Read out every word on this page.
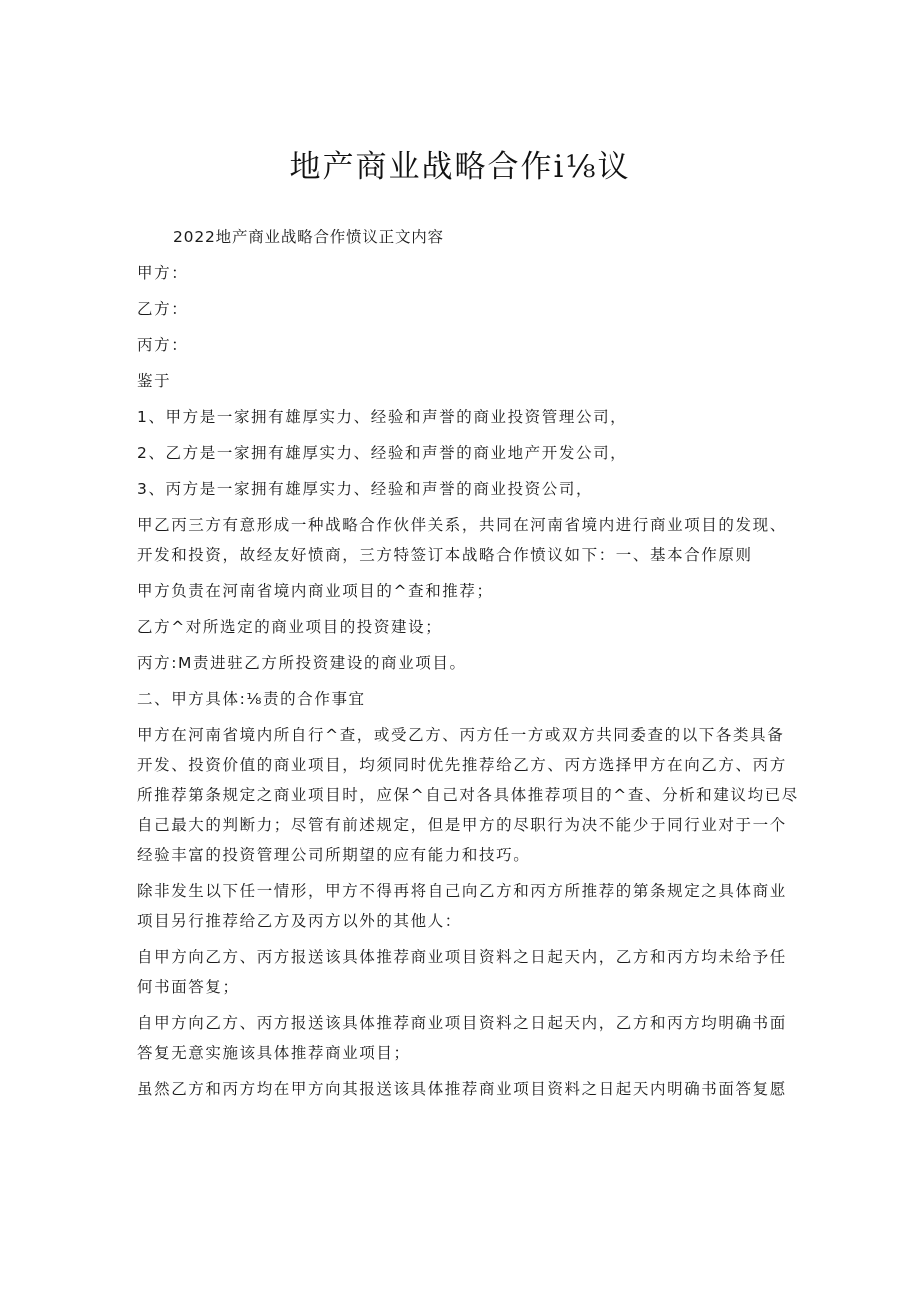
地产商业战略合作i⅛议
2022地产商业战略合作愤议正文内容
甲方：
乙方：
丙方：
鉴于
1、甲方是一家拥有雄厚实力、经验和声誉的商业投资管理公司，
2、乙方是一家拥有雄厚实力、经验和声誉的商业地产开发公司，
3、丙方是一家拥有雄厚实力、经验和声誉的商业投资公司，
甲乙丙三方有意形成一种战略合作伙伴关系，共同在河南省境内进行商业项目的发现、
开发和投资，故经友好愤商，三方特签订本战略合作愤议如下：一、基本合作原则
甲方负责在河南省境内商业项目的^查和推荐；
乙方^对所选定的商业项目的投资建设；
丙方:M责进驻乙方所投资建设的商业项目。
二、甲方具体:⅛责的合作事宜
甲方在河南省境内所自行^查，或受乙方、丙方任一方或双方共同委查的以下各类具备
开发、投资价值的商业项目，均须同时优先推荐给乙方、丙方选择甲方在向乙方、丙方
所推荐第条规定之商业项目时，应保^自己对各具体推荐项目的^查、分析和建议均已尽
自己最大的判断力；尽管有前述规定，但是甲方的尽职行为决不能少于同行业对于一个
经验丰富的投资管理公司所期望的应有能力和技巧。
除非发生以下任一情形，甲方不得再将自己向乙方和丙方所推荐的第条规定之具体商业
项目另行推荐给乙方及丙方以外的其他人：
自甲方向乙方、丙方报送该具体推荐商业项目资料之日起天内，乙方和丙方均未给予任
何书面答复；
自甲方向乙方、丙方报送该具体推荐商业项目资料之日起天内，乙方和丙方均明确书面
答复无意实施该具体推荐商业项目；
虽然乙方和丙方均在甲方向其报送该具体推荐商业项目资料之日起天内明确书面答复愿
